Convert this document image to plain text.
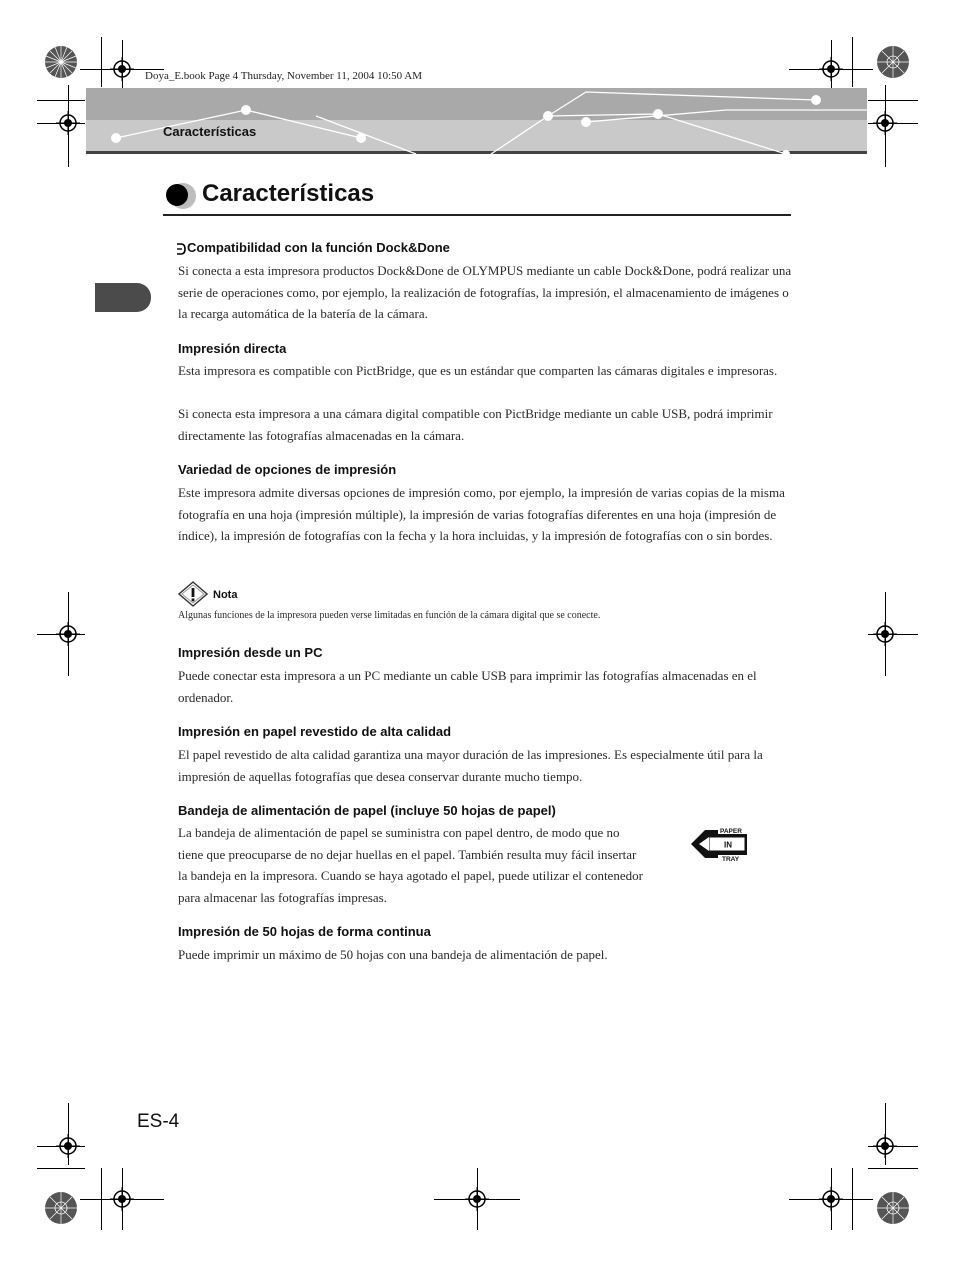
Doya_E.book Page 4 Thursday, November 11, 2004 10:50 AM
Características
Características
Compatibilidad con la función Dock&Done
Si conecta a esta impresora productos Dock&Done de OLYMPUS mediante un cable Dock&Done, podrá realizar una serie de operaciones como, por ejemplo, la realización de fotografías, la impresión, el almacenamiento de imágenes o la recarga automática de la batería de la cámara.
Impresión directa
Esta impresora es compatible con PictBridge, que es un estándar que comparten las cámaras digitales e impresoras.
Si conecta esta impresora a una cámara digital compatible con PictBridge mediante un cable USB, podrá imprimir directamente las fotografías almacenadas en la cámara.
Variedad de opciones de impresión
Este impresora admite diversas opciones de impresión como, por ejemplo, la impresión de varias copias de la misma fotografía en una hoja (impresión múltiple), la impresión de varias fotografías diferentes en una hoja (impresión de índice), la impresión de fotografías con la fecha y la hora incluidas, y la impresión de fotografías con o sin bordes.
Nota
Algunas funciones de la impresora pueden verse limitadas en función de la cámara digital que se conecte.
Impresión desde un PC
Puede conectar esta impresora a un PC mediante un cable USB para imprimir las fotografías almacenadas en el ordenador.
Impresión en papel revestido de alta calidad
El papel revestido de alta calidad garantiza una mayor duración de las impresiones. Es especialmente útil para la impresión de aquellas fotografías que desea conservar durante mucho tiempo.
Bandeja de alimentación de papel (incluye 50 hojas de papel)
La bandeja de alimentación de papel se suministra con papel dentro, de modo que no tiene que preocuparse de no dejar huellas en el papel. También resulta muy fácil insertar la bandeja en la impresora. Cuando se haya agotado el papel, puede utilizar el contenedor para almacenar las fotografías impresas.
PAPER
IN
TRAY
Impresión de 50 hojas de forma continua
Puede imprimir un máximo de 50 hojas con una bandeja de alimentación de papel.
ES-4
